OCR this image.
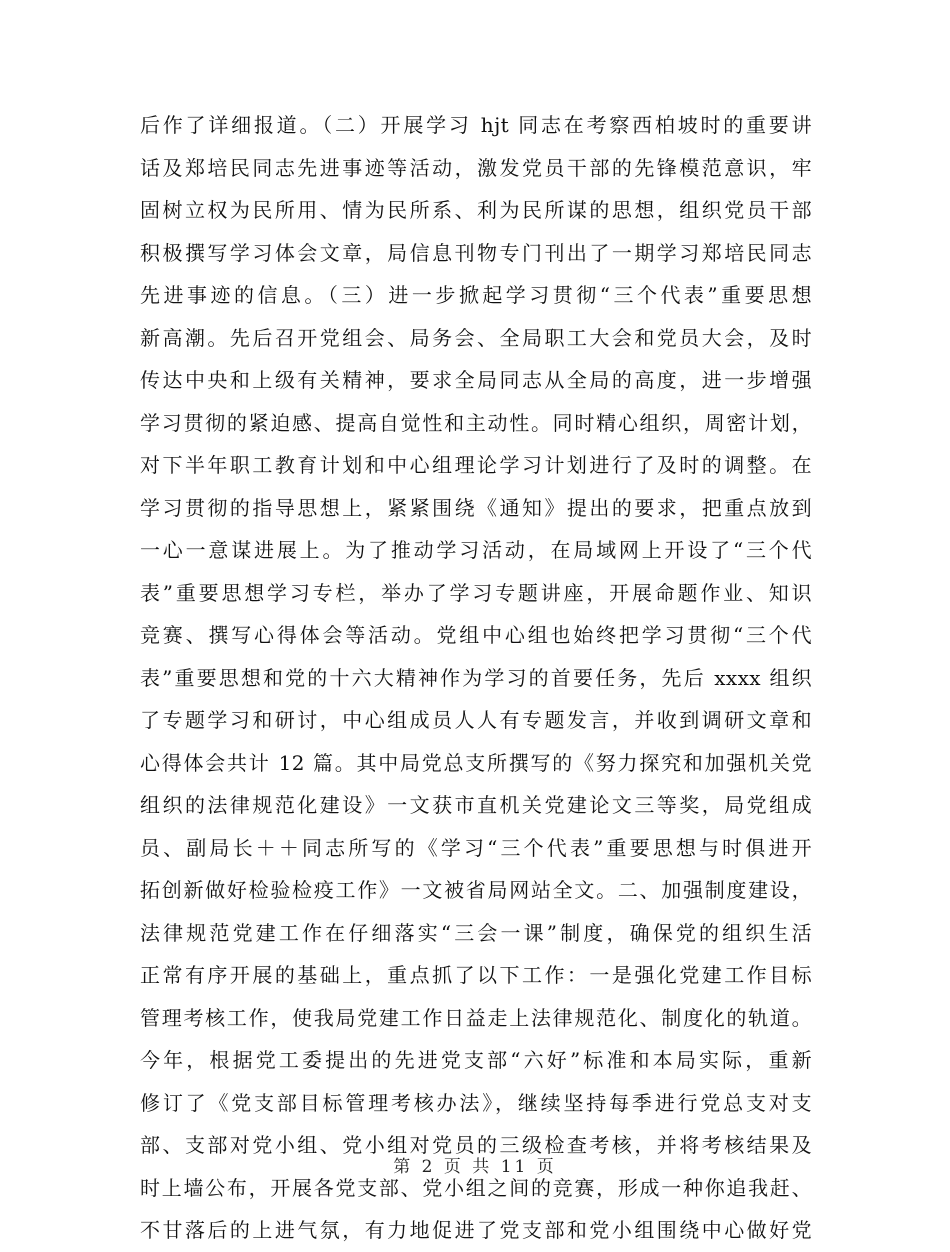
后作了详细报道。（二）开展学习 hjt 同志在考察西柏坡时的重要讲
话及郑培民同志先进事迹等活动，激发党员干部的先锋模范意识，牢
固树立权为民所用、情为民所系、利为民所谋的思想，组织党员干部
积极撰写学习体会文章，局信息刊物专门刊出了一期学习郑培民同志
先进事迹的信息。（三）进一步掀起学习贯彻“三个代表”重要思想
新高潮。先后召开党组会、局务会、全局职工大会和党员大会，及时
传达中央和上级有关精神，要求全局同志从全局的高度，进一步增强
学习贯彻的紧迫感、提高自觉性和主动性。同时精心组织，周密计划，
对下半年职工教育计划和中心组理论学习计划进行了及时的调整。在
学习贯彻的指导思想上，紧紧围绕《通知》提出的要求，把重点放到
一心一意谋进展上。为了推动学习活动，在局域网上开设了“三个代
表”重要思想学习专栏，举办了学习专题讲座，开展命题作业、知识
竞赛、撰写心得体会等活动。党组中心组也始终把学习贯彻“三个代
表”重要思想和党的十六大精神作为学习的首要任务，先后 xxxx 组织
了专题学习和研讨，中心组成员人人有专题发言，并收到调研文章和
心得体会共计 12 篇。其中局党总支所撰写的《努力探究和加强机关党
组织的法律规范化建设》一文获市直机关党建论文三等奖，局党组成
员、副局长＋＋同志所写的《学习“三个代表”重要思想与时俱进开
拓创新做好检验检疫工作》一文被省局网站全文。二、加强制度建设，
法律规范党建工作在仔细落实“三会一课”制度，确保党的组织生活
正常有序开展的基础上，重点抓了以下工作：一是强化党建工作目标
管理考核工作，使我局党建工作日益走上法律规范化、制度化的轨道。
今年，根据党工委提出的先进党支部“六好”标准和本局实际，重新
修订了《党支部目标管理考核办法》，继续坚持每季进行党总支对支
部、支部对党小组、党小组对党员的三级检查考核，并将考核结果及
时上墙公布，开展各党支部、党小组之间的竞赛，形成一种你追我赶、
不甘落后的上进气氛，有力地促进了党支部和党小组围绕中心做好党
第 2 页 共 11 页
